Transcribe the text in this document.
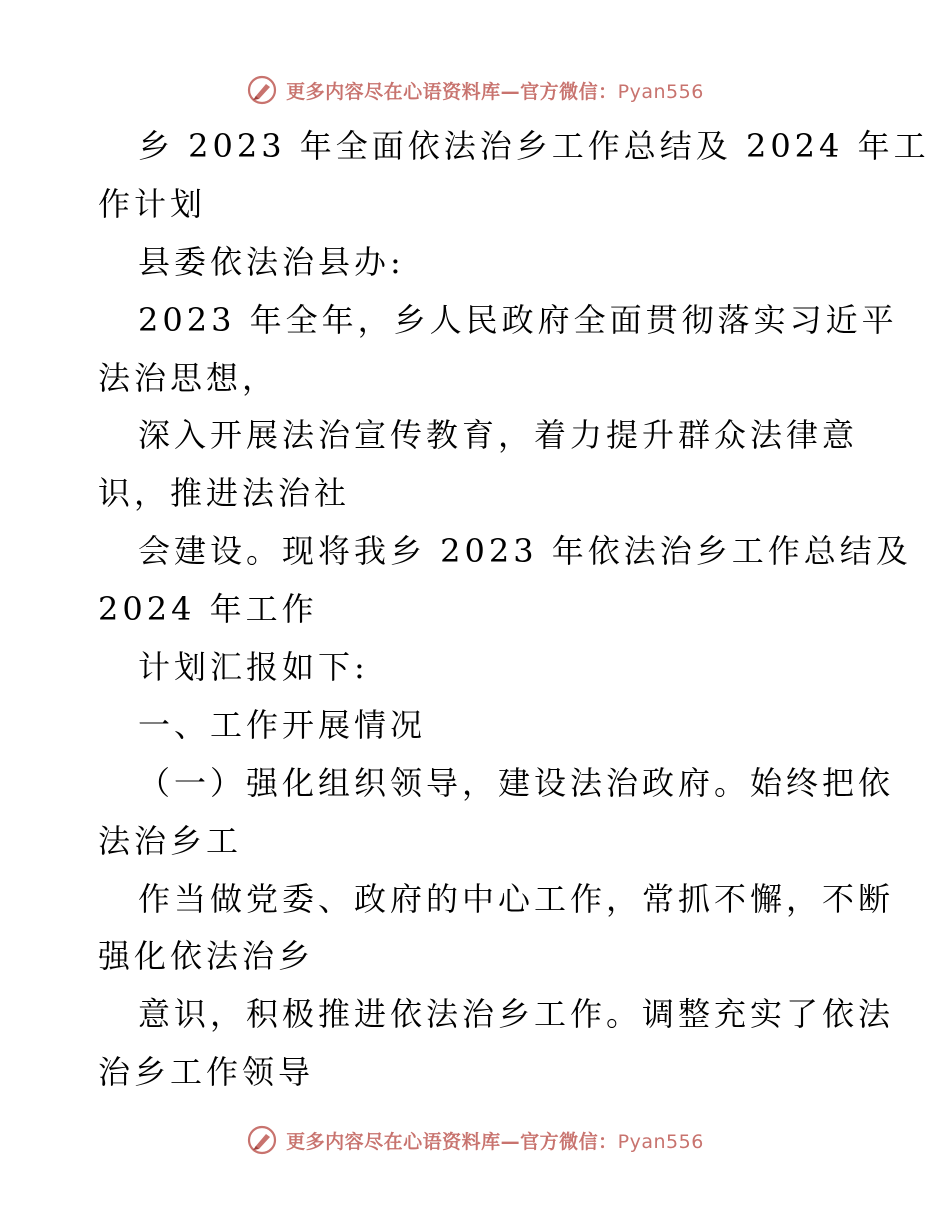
更多内容尽在心语资料库—官方微信：Pyan556
乡 2023 年全面依法治乡工作总结及 2024 年工
作计划
县委依法治县办:
2023 年全年，乡人民政府全面贯彻落实习近平
法治思想，
深入开展法治宣传教育，着力提升群众法律意
识，推进法治社
会建设。现将我乡 2023 年依法治乡工作总结及
2024 年工作
计划汇报如下:
一、工作开展情况
（一）强化组织领导，建设法治政府。始终把依
法治乡工
作当做党委、政府的中心工作，常抓不懈，不断
强化依法治乡
意识，积极推进依法治乡工作。调整充实了依法
治乡工作领导
更多内容尽在心语资料库—官方微信：Pyan556
